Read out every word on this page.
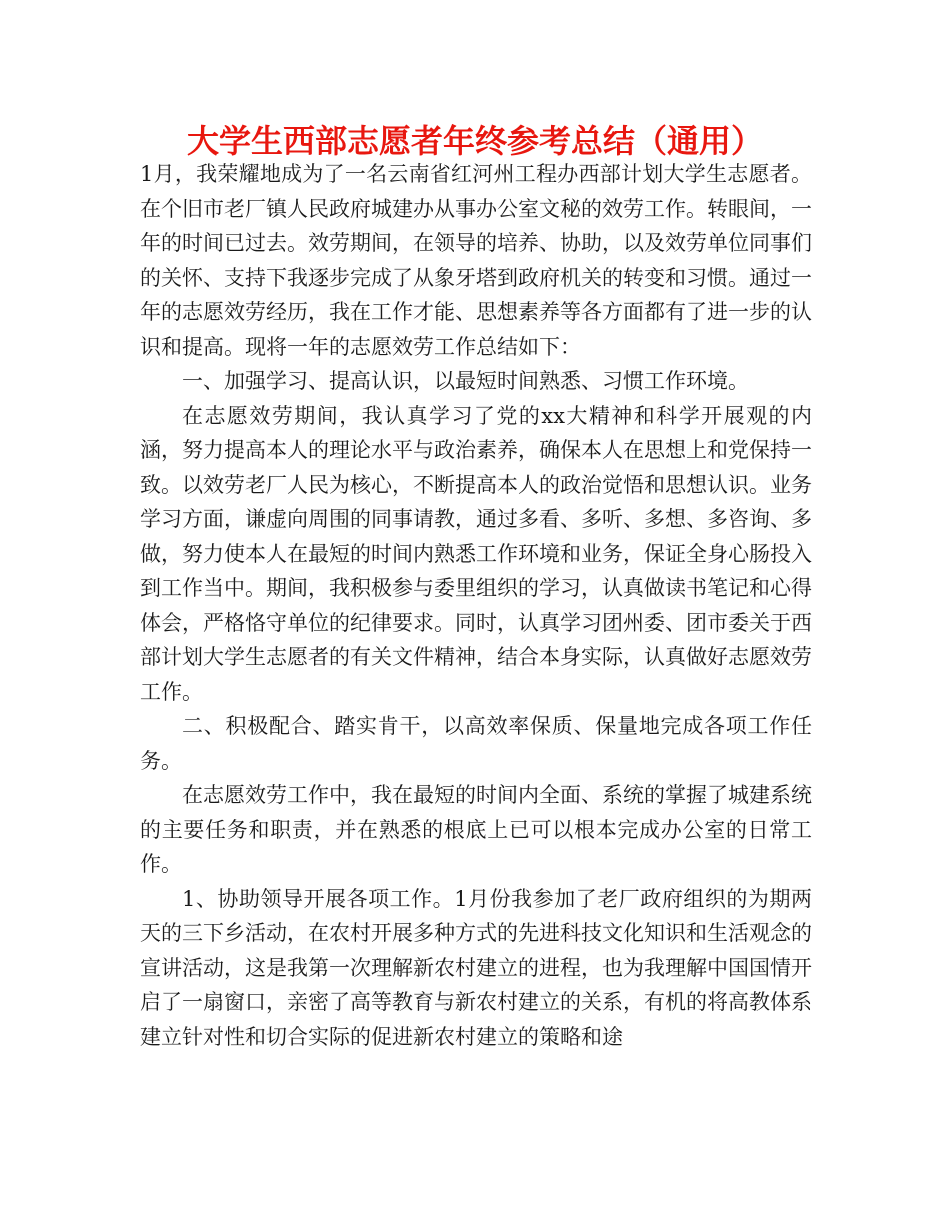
大学生西部志愿者年终参考总结（通用）

1月，我荣耀地成为了一名云南省红河州工程办西部计划大学生志愿者。在个旧市老厂镇人民政府城建办从事办公室文秘的效劳工作。转眼间，一年的时间已过去。效劳期间，在领导的培养、协助，以及效劳单位同事们的关怀、支持下我逐步完成了从象牙塔到政府机关的转变和习惯。通过一年的志愿效劳经历，我在工作才能、思想素养等各方面都有了进一步的认识和提高。现将一年的志愿效劳工作总结如下：

一、加强学习、提高认识，以最短时间熟悉、习惯工作环境。

在志愿效劳期间，我认真学习了党的xx大精神和科学开展观的内涵，努力提高本人的理论水平与政治素养，确保本人在思想上和党保持一致。以效劳老厂人民为核心，不断提高本人的政治觉悟和思想认识。业务学习方面，谦虚向周围的同事请教，通过多看、多听、多想、多咨询、多做，努力使本人在最短的时间内熟悉工作环境和业务，保证全身心肠投入到工作当中。期间，我积极参与委里组织的学习，认真做读书笔记和心得体会，严格恪守单位的纪律要求。同时，认真学习团州委、团市委关于西部计划大学生志愿者的有关文件精神，结合本身实际，认真做好志愿效劳工作。

二、积极配合、踏实肯干，以高效率保质、保量地完成各项工作任务。

在志愿效劳工作中，我在最短的时间内全面、系统的掌握了城建系统的主要任务和职责，并在熟悉的根底上已可以根本完成办公室的日常工作。

1、协助领导开展各项工作。1月份我参加了老厂政府组织的为期两天的三下乡活动，在农村开展多种方式的先进科技文化知识和生活观念的宣讲活动，这是我第一次理解新农村建立的进程，也为我理解中国国情开启了一扇窗口，亲密了高等教育与新农村建立的关系，有机的将高教体系建立针对性和切合实际的促进新农村建立的策略和途
